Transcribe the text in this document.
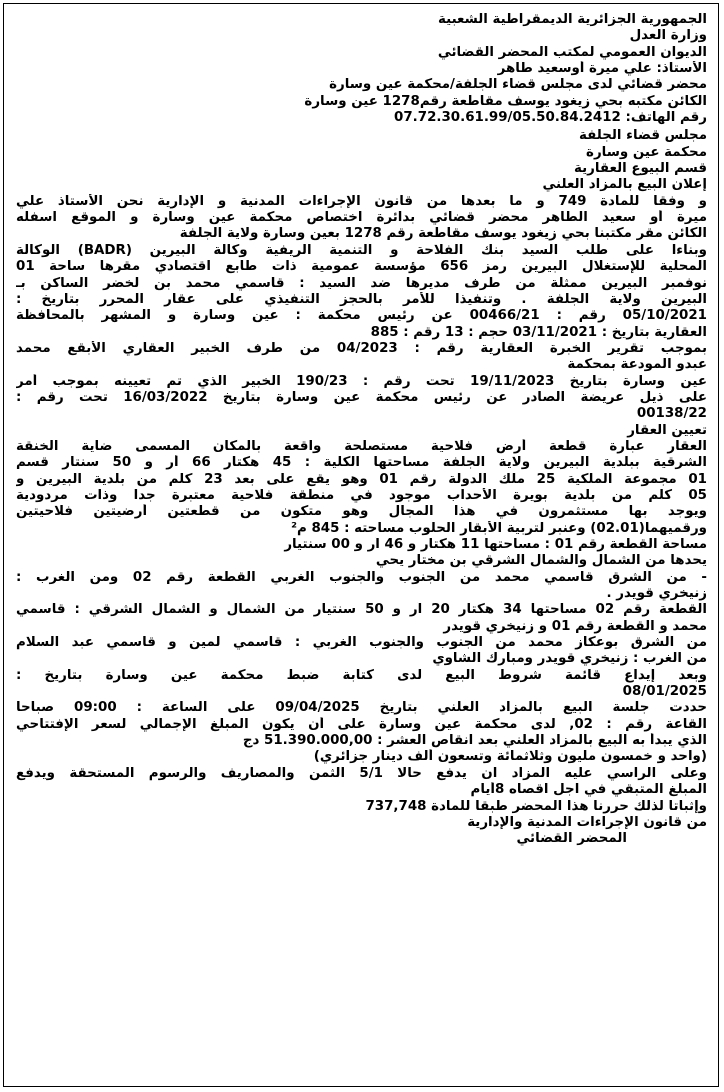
الجمهورية الجزائرية الديمقراطية الشعبية
وزارة العدل
الديوان العمومي لمكتب المحضر القضائي
الأستاذ: علي ميرة أوسعيد طاهر
محضر قضائي لدى مجلس قضاء الجلفة/محكمة عين وسارة
الكائن مكتبه بحي زيغود يوسف مقاطعة رقم1278 عين وسارة
رقم الهاتف: 07.72.30.61.99/05.50.84.2412
مجلس قضاء الجلفة
محكمة عين وسارة
قسم البيوع العقارية
إعلان البيع بالمزاد العلني
و وفقا للمادة 749 و ما بعدها من قانون الإجراءات المدنية و الإدارية نحن الأستاذ علي
ميرة أو سعيد الطاهر محضر قضائي بدائرة اختصاص محكمة عين وسارة و الموقع اسفله
الكائن مقر مكتبنا بحي زيغود يوسف مقاطعة رقم 1278 بعين وسارة ولاية الجلفة
وبناءا على طلب السيد بنك الفلاحة و التنمية الريفية وكالة البيرين (BADR) الوكالة
المحلية للإستغلال البيرين رمز 656 مؤسسة عمومية ذات طابع اقتصادي مقرها ساحة 01
نوفمبر البيرين ممثلة من طرف مديرها ضد السيد : قاسمي محمد بن لخضر الساكن بـ
البيرين ولاية الجلفة . وتنفيذا للأمر بالحجز التنفيذي على عقار المحرر بتاريخ :
05/10/2021 رقم : 00466/21 عن رئيس محكمة : عين وسارة و المشهر بالمحافظة
العقارية بتاريخ : 03/11/2021 حجم : 13 رقم : 885
بموجب تقرير الخبرة العقارية رقم : 04/2023 من طرف الخبير العقاري الأبقع محمد
عبدو المودعة بمحكمة
عين وسارة بتاريخ 19/11/2023 تحت رقم : 190/23 الخبير الذي تم تعيينه بموجب أمر
على ذيل عريضة الصادر عن رئيس محكمة عين وسارة بتاريخ 16/03/2022 تحت رقم :
00138/22
تعيين العقار
العقار عبارة قطعة أرض فلاحية مستصلحة واقعة بالمكان المسمى ضاية الخنقة
الشرقية ببلدية البيرين ولاية الجلفة مساحتها الكلية : 45 هكتار 66 أر و 50 سنتار قسم
01 مجموعة الملكية 25 ملك الدولة رقم 01 وهو يقع على بعد 23 كلم من بلدية البيرين و
05 كلم من بلدية بويرة الأحداب موجود في منطقة فلاحية معتبرة جدا وذات مردودية
ويوجد بها مستثمرون في هذا المجال وهو متكون من قطعتين أرضيتين فلاحيتين
ورقميهما(02.01) وعنبر لتربية الأبقار الحلوب مساحته : 845 م²
مساحة القطعة رقم 01 : مساحتها 11 هكتار و 46 آر و 00 سنتيار
يحدها من الشمال والشمال الشرقي بن مختار يحي
- من الشرق قاسمي محمد من الجنوب والجنوب الغربي القطعة رقم 02 ومن الغرب :
زنيخري قويدر .
القطعة رقم 02 مساحتها 34 هكتار 20 آر و 50 سنتيار من الشمال و الشمال الشرقي : قاسمي
محمد و القطعة رقم 01 و زنيخري قويدر
من الشرق بوعكاز محمد من الجنوب والجنوب الغربي : قاسمي لمين و قاسمي عبد السلام
من الغرب : زنيخري قويدر ومبارك الشاوي
وبعد إيداع قائمة شروط البيع لدى كتابة ضبط محكمة عين وسارة بتاريخ :
08/01/2025
حددت جلسة البيع بالمزاد العلني بتاريخ 09/04/2025 على الساعة : 09:00 صباحا
القاعة رقم : 02, لدى محكمة عين وسارة على أن يكون المبلغ الإجمالي لسعر الإفتتاحي
الذي يبدأ به البيع بالمزاد العلني بعد انقاص العشر : 51.390.000,00 دج
(واحد و خمسون مليون وثلاثمائة وتسعون ألف دينار جزائري)
وعلى الراسي عليه المزاد ان يدفع حالا 5/1 الثمن والمصاريف والرسوم المستحقة ويدفع
المبلغ المتبقي في اجل اقصاه 8أيام
وإثباتا لذلك حررنا هذا المحضر طبقا للمادة 737,748
من قانون الإجراءات المدنية والإدارية
المحضر القضائي
